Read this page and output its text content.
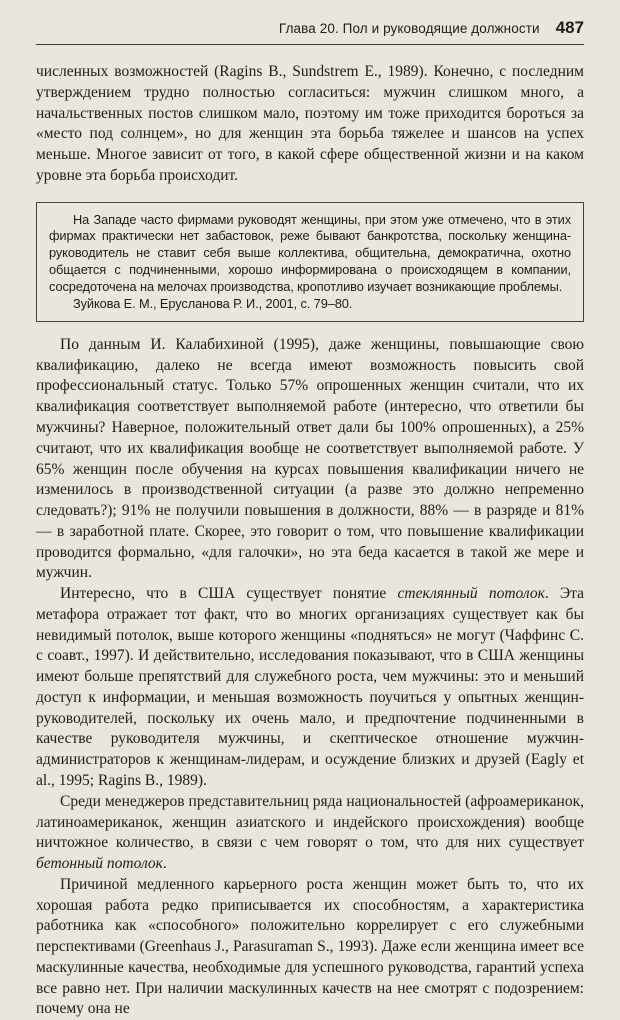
Глава 20. Пол и руководящие должности 487

численных возможностей (Ragins B., Sundstrem E., 1989). Конечно, с последним утверждением трудно полностью согласиться: мужчин слишком много, а начальственных постов слишком мало, поэтому им тоже приходится бороться за «место под солнцем», но для женщин эта борьба тяжелее и шансов на успех меньше. Многое зависит от того, в какой сфере общественной жизни и на каком уровне эта борьба происходит.

На Западе часто фирмами руководят женщины, при этом уже отмечено, что в этих фирмах практически нет забастовок, реже бывают банкротства, поскольку женщина-руководитель не ставит себя выше коллектива, общительна, демократична, охотно общается с подчиненными, хорошо информирована о происходящем в компании, сосредоточена на мелочах производства, кропотливо изучает возникающие проблемы.

Зуйкова Е. М., Ерусланова Р. И., 2001, с. 79–80.

По данным И. Калабихиной (1995), даже женщины, повышающие свою квалификацию, далеко не всегда имеют возможность повысить свой профессиональный статус. Только 57% опрошенных женщин считали, что их квалификация соответствует выполняемой работе (интересно, что ответили бы мужчины? Наверное, положительный ответ дали бы 100% опрошенных), а 25% считают, что их квалификация вообще не соответствует выполняемой работе. У 65% женщин после обучения на курсах повышения квалификации ничего не изменилось в производственной ситуации (а разве это должно непременно следовать?); 91% не получили повышения в должности, 88% — в разряде и 81% — в заработной плате. Скорее, это говорит о том, что повышение квалификации проводится формально, «для галочки», но эта беда касается в такой же мере и мужчин.

Интересно, что в США существует понятие стеклянный потолок. Эта метафора отражает тот факт, что во многих организациях существует как бы невидимый потолок, выше которого женщины «подняться» не могут (Чаффинс С. с соавт., 1997). И действительно, исследования показывают, что в США женщины имеют больше препятствий для служебного роста, чем мужчины: это и меньший доступ к информации, и меньшая возможность поучиться у опытных женщин-руководителей, поскольку их очень мало, и предпочтение подчиненными в качестве руководителя мужчины, и скептическое отношение мужчин-администраторов к женщинам-лидерам, и осуждение близких и друзей (Eagly et al., 1995; Ragins B., 1989).

Среди менеджеров представительниц ряда национальностей (афроамериканок, латиноамериканок, женщин азиатского и индейского происхождения) вообще ничтожное количество, в связи с чем говорят о том, что для них существует бетонный потолок.

Причиной медленного карьерного роста женщин может быть то, что их хорошая работа редко приписывается их способностям, а характеристика работника как «способного» положительно коррелирует с его служебными перспективами (Greenhaus J., Parasuraman S., 1993). Даже если женщина имеет все маскулинные качества, необходимые для успешного руководства, гарантий успеха все равно нет. При наличии маскулинных качеств на нее смотрят с подозрением: почему она не
